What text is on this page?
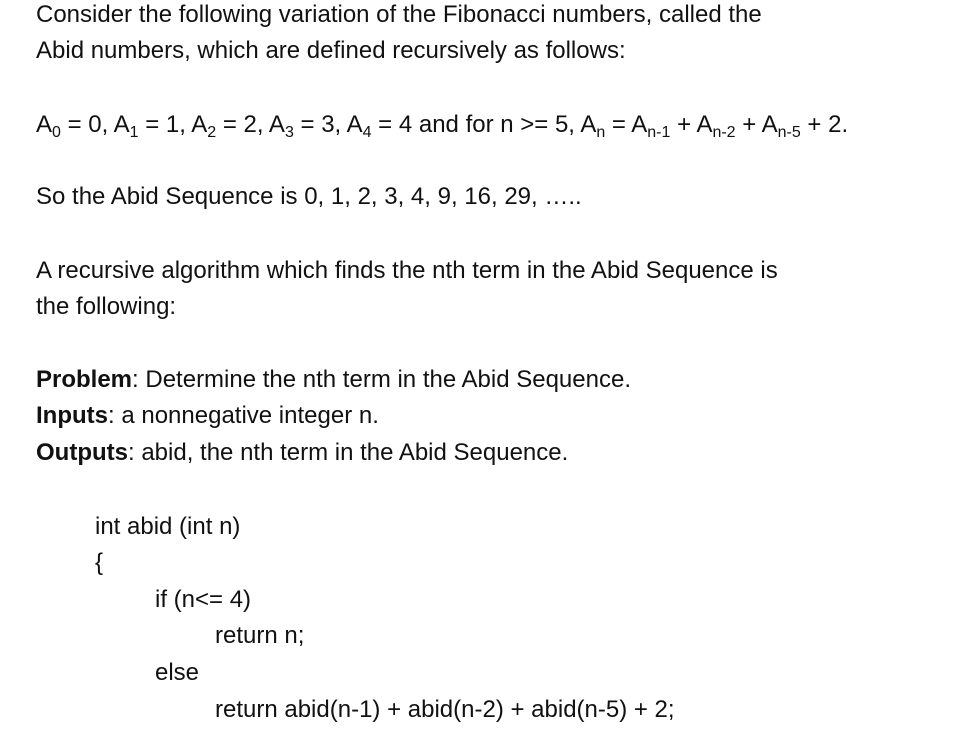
Consider the following variation of the Fibonacci numbers, called the
Abid numbers, which are defined recursively as follows:
$A_0 = 0$, $A_1 = 1$, $A_2 = 2$, $A_3 = 3$, $A_4 = 4$ and for n >= 5, $A_n = A_{n-1} + A_{n-2} + A_{n-5} + 2$.
So the Abid Sequence is 0, 1, 2, 3, 4, 9, 16, 29, …..
A recursive algorithm which finds the nth term in the Abid Sequence is
the following:
Problem: Determine the nth term in the Abid Sequence.
Inputs: a nonnegative integer n.
Outputs: abid, the nth term in the Abid Sequence.
int abid (int n)
{
if (n<= 4)
return n;
else
return abid(n-1) + abid(n-2) + abid(n-5) + 2;
